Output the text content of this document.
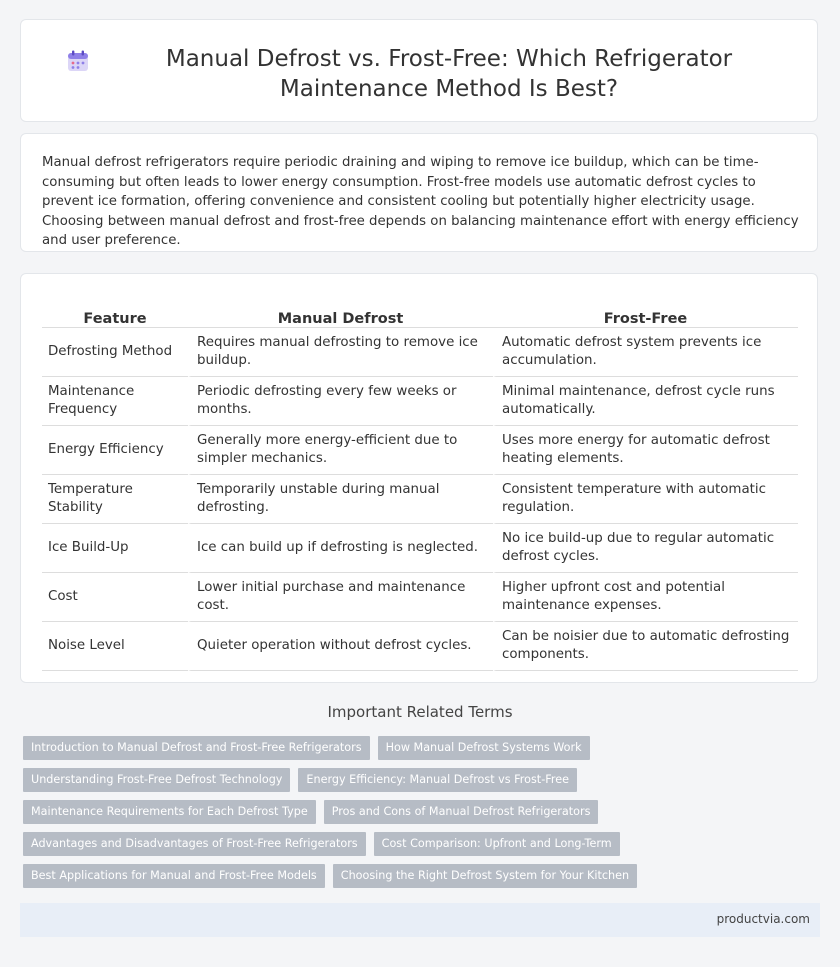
Manual Defrost vs. Frost-Free: Which Refrigerator Maintenance Method Is Best?

Manual defrost refrigerators require periodic draining and wiping to remove ice buildup, which can be time-consuming but often leads to lower energy consumption. Frost-free models use automatic defrost cycles to prevent ice formation, offering convenience and consistent cooling but potentially higher electricity usage. Choosing between manual defrost and frost-free depends on balancing maintenance effort with energy efficiency and user preference.

Feature	Manual Defrost	Frost-Free
Defrosting Method	Requires manual defrosting to remove ice buildup.	Automatic defrost system prevents ice accumulation.
Maintenance Frequency	Periodic defrosting every few weeks or months.	Minimal maintenance, defrost cycle runs automatically.
Energy Efficiency	Generally more energy-efficient due to simpler mechanics.	Uses more energy for automatic defrost heating elements.
Temperature Stability	Temporarily unstable during manual defrosting.	Consistent temperature with automatic regulation.
Ice Build-Up	Ice can build up if defrosting is neglected.	No ice build-up due to regular automatic defrost cycles.
Cost	Lower initial purchase and maintenance cost.	Higher upfront cost and potential maintenance expenses.
Noise Level	Quieter operation without defrost cycles.	Can be noisier due to automatic defrosting components.
Important Related Terms
Introduction to Manual Defrost and Frost-Free Refrigerators	How Manual Defrost Systems Work
Understanding Frost-Free Defrost Technology	Energy Efficiency: Manual Defrost vs Frost-Free
Maintenance Requirements for Each Defrost Type	Pros and Cons of Manual Defrost Refrigerators
Advantages and Disadvantages of Frost-Free Refrigerators	Cost Comparison: Upfront and Long-Term
Best Applications for Manual and Frost-Free Models	Choosing the Right Defrost System for Your Kitchen
productvia.com
